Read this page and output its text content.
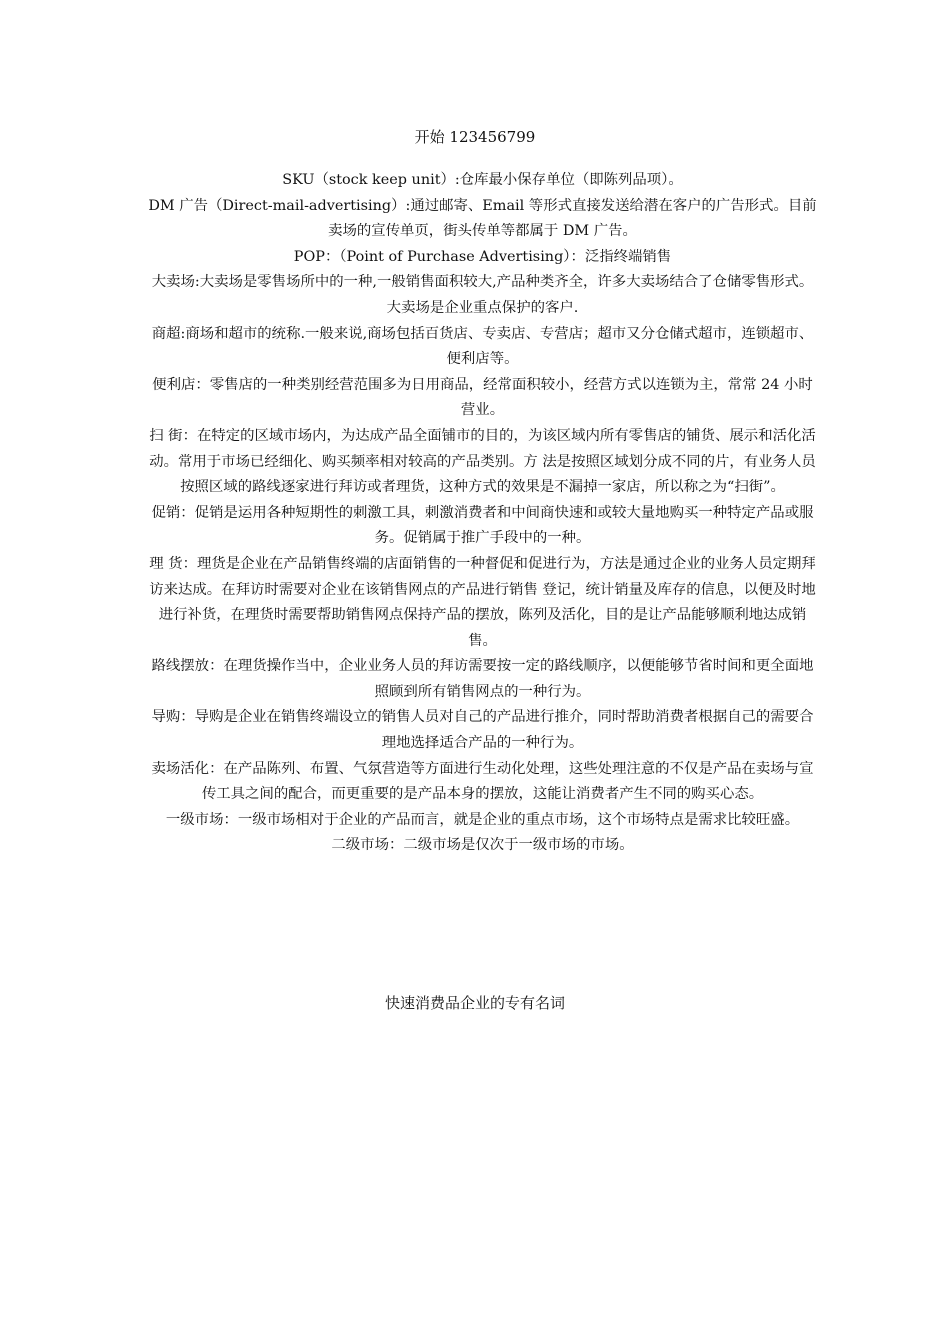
开始 123456799

SKU（stock keep unit）:仓库最小保存单位（即陈列品项）。

DM 广告（Direct-mail-advertising）:通过邮寄、Email 等形式直接发送给潜在客户的广告形式。目前卖场的宣传单页，街头传单等都属于 DM 广告。

POP：（Point of Purchase Advertising）：泛指终端销售

大卖场:大卖场是零售场所中的一种,一般销售面积较大,产品种类齐全，许多大卖场结合了仓储零售形式。大卖场是企业重点保护的客户.

商超:商场和超市的统称.一般来说,商场包括百货店、专卖店、专营店；超市又分仓储式超市，连锁超市、便利店等。

便利店：零售店的一种类别经营范围多为日用商品，经常面积较小，经营方式以连锁为主，常常 24 小时营业。

扫 街：在特定的区域市场内，为达成产品全面铺市的目的，为该区域内所有零售店的铺货、展示和活化活动。常用于市场已经细化、购买频率相对较高的产品类别。方 法是按照区域划分成不同的片，有业务人员按照区域的路线逐家进行拜访或者理货，这种方式的效果是不漏掉一家店，所以称之为“扫街”。

促销：促销是运用各种短期性的刺激工具，刺激消费者和中间商快速和或较大量地购买一种特定产品或服务。促销属于推广手段中的一种。

理 货：理货是企业在产品销售终端的店面销售的一种督促和促进行为，方法是通过企业的业务人员定期拜访来达成。在拜访时需要对企业在该销售网点的产品进行销售 登记，统计销量及库存的信息，以便及时地进行补货，在理货时需要帮助销售网点保持产品的摆放，陈列及活化，目的是让产品能够顺利地达成销售。

路线摆放：在理货操作当中，企业业务人员的拜访需要按一定的路线顺序，以便能够节省时间和更全面地照顾到所有销售网点的一种行为。

导购：导购是企业在销售终端设立的销售人员对自己的产品进行推介，同时帮助消费者根据自己的需要合理地选择适合产品的一种行为。

卖场活化：在产品陈列、布置、气氛营造等方面进行生动化处理，这些处理注意的不仅是产品在卖场与宣传工具之间的配合，而更重要的是产品本身的摆放，这能让消费者产生不同的购买心态。

一级市场：一级市场相对于企业的产品而言，就是企业的重点市场，这个市场特点是需求比较旺盛。

二级市场：二级市场是仅次于一级市场的市场。

快速消费品企业的专有名词
